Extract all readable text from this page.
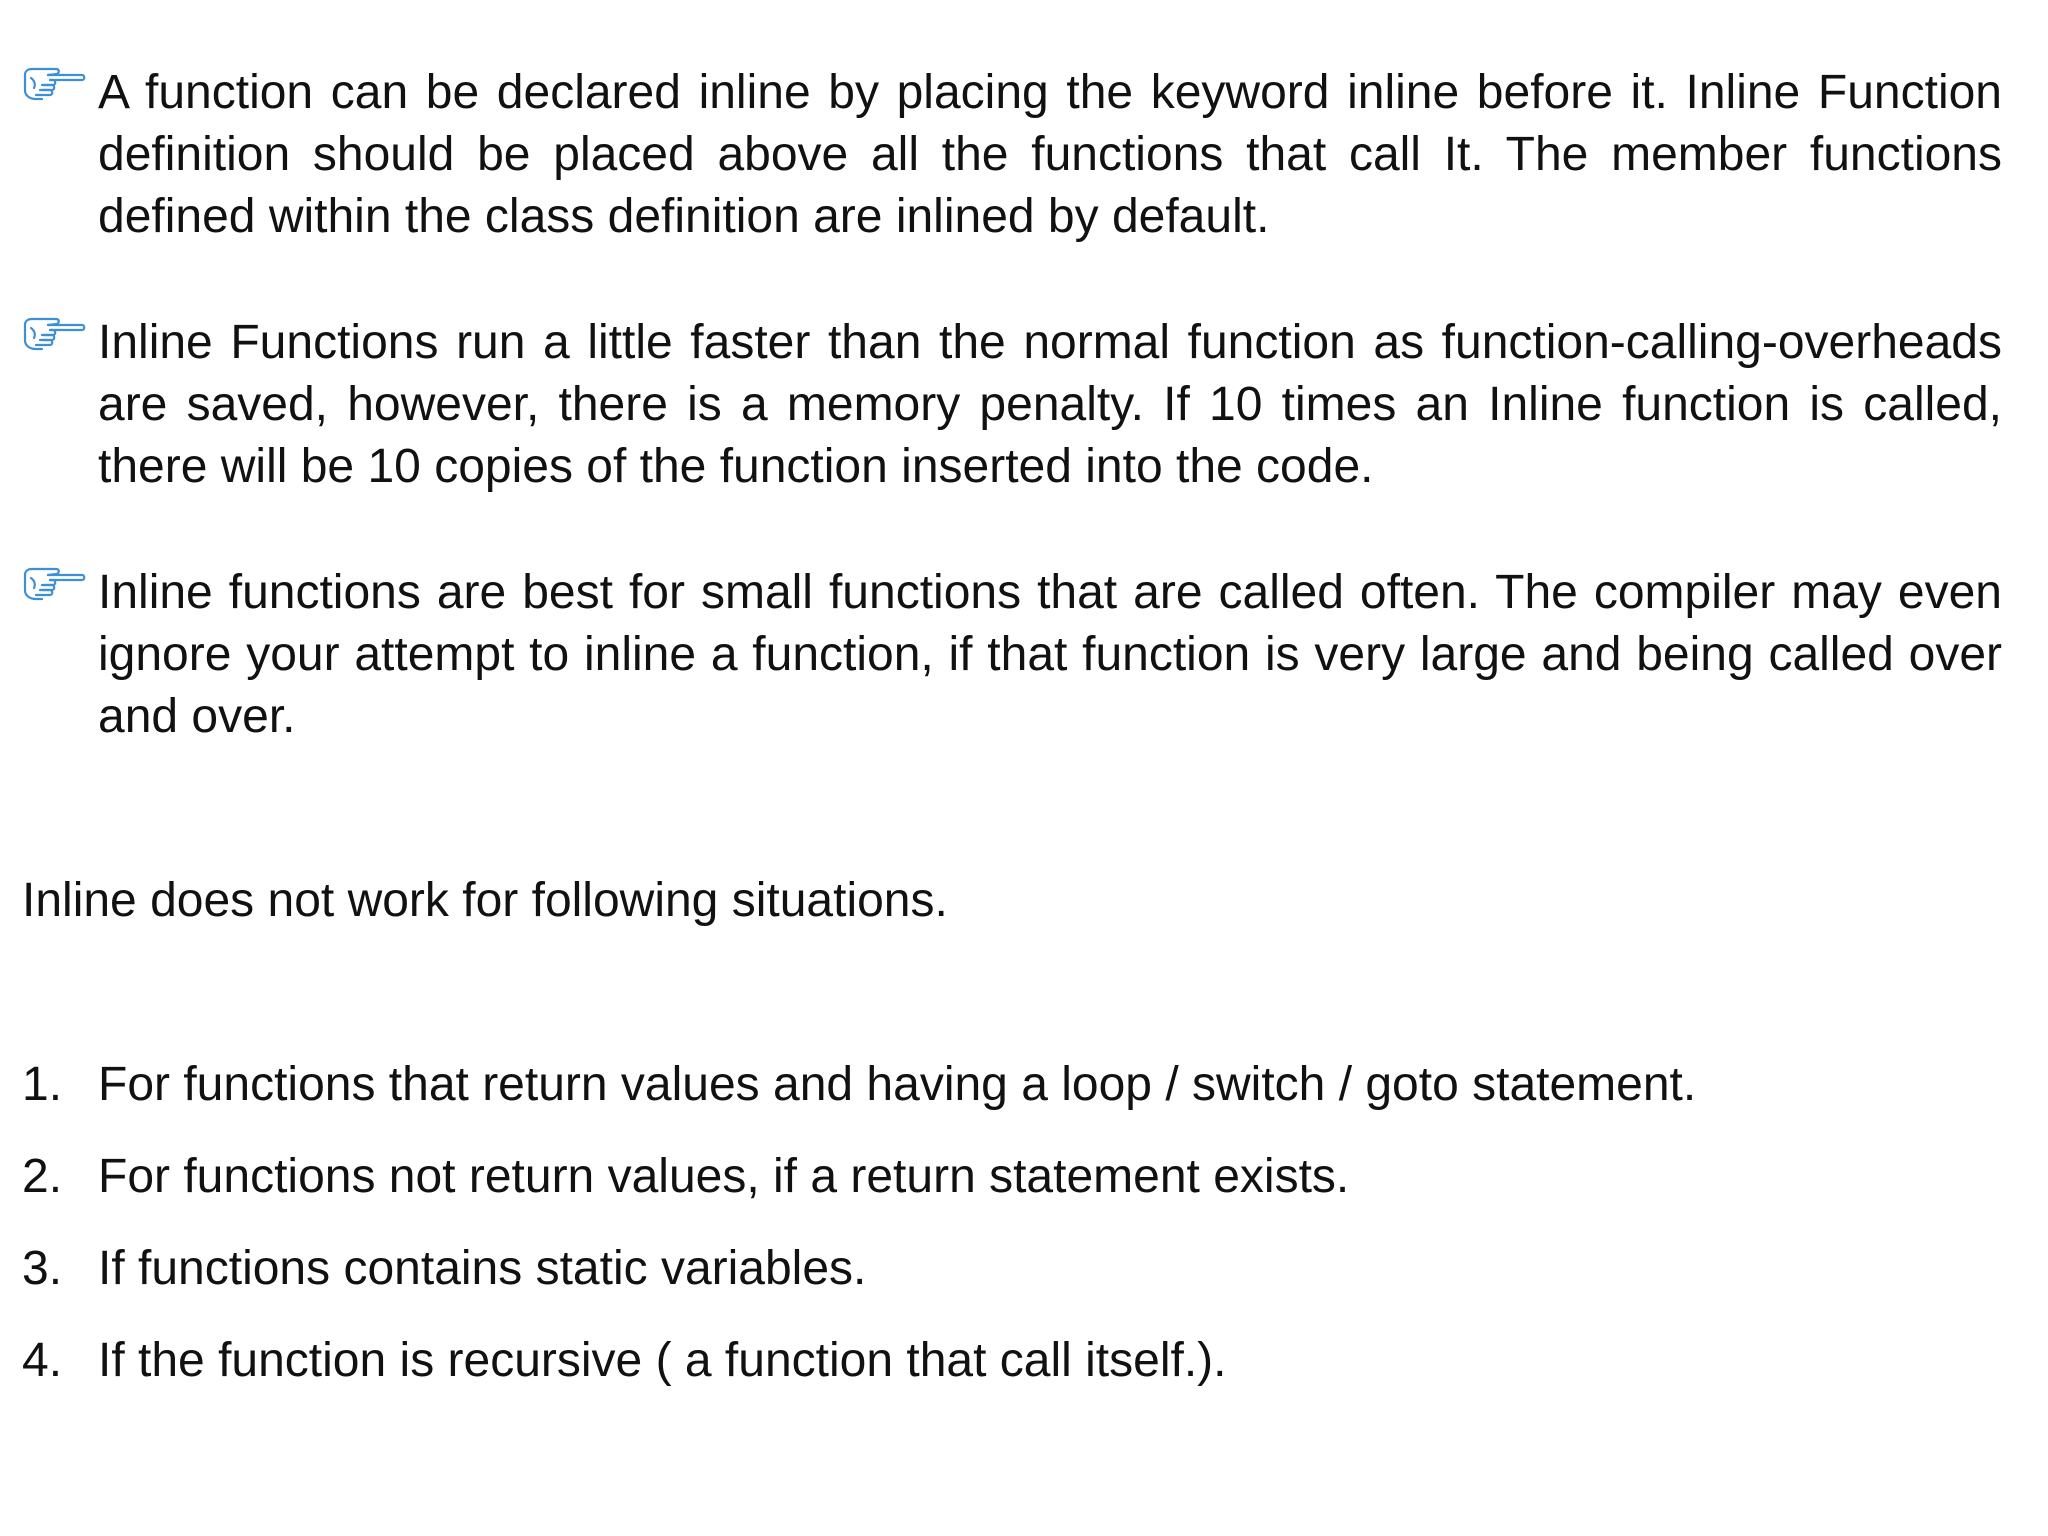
A function can be declared inline by placing the keyword inline before it. Inline Function definition should be placed above all the functions that call It. The member functions defined within the class definition are inlined by default.

Inline Functions run a little faster than the normal function as function-calling-overheads are saved, however, there is a memory penalty. If 10 times an Inline function is called, there will be 10 copies of the function inserted into the code.

Inline functions are best for small functions that are called often. The compiler may even ignore your attempt to inline a function, if that function is very large and being called over and over.

Inline does not work for following situations.

1. For functions that return values and having a loop / switch / goto statement.
2. For functions not return values, if a return statement exists.
3. If functions contains static variables.
4. If the function is recursive ( a function that call itself.).
